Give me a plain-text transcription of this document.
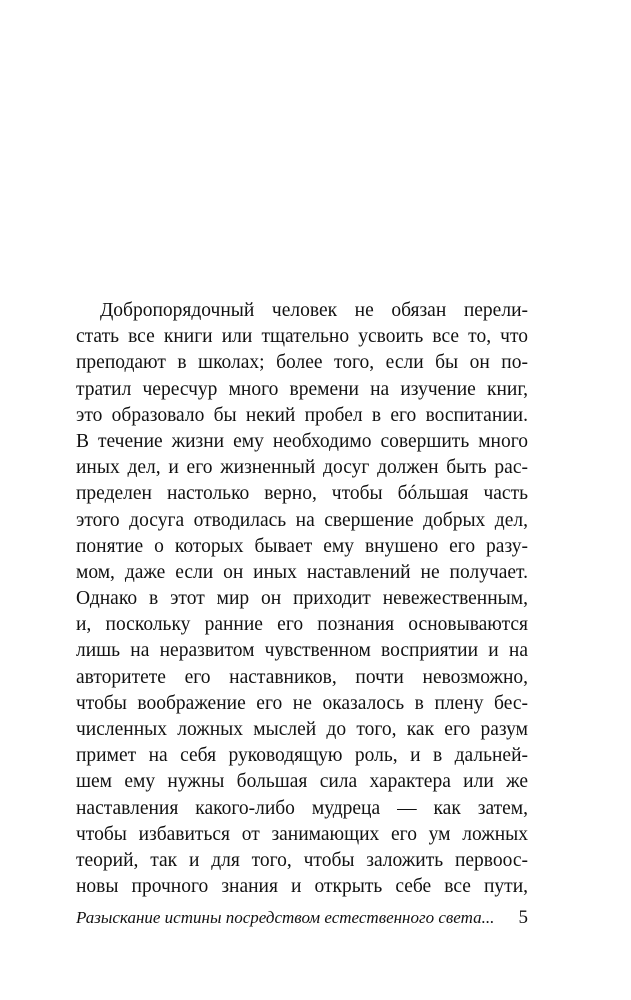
Добропорядочный человек не обязан перели-
стать все книги или тщательно усвоить все то, что
преподают в школах; более того, если бы он по-
тратил чересчур много времени на изучение книг,
это образовало бы некий пробел в его воспитании.
В течение жизни ему необходимо совершить много
иных дел, и его жизненный досуг должен быть рас-
пределен настолько верно, чтобы бóльшая часть
этого досуга отводилась на свершение добрых дел,
понятие о которых бывает ему внушено его разу-
мом, даже если он иных наставлений не получает.
Однако в этот мир он приходит невежественным,
и, поскольку ранние его познания основываются
лишь на неразвитом чувственном восприятии и на
авторитете его наставников, почти невозможно,
чтобы воображение его не оказалось в плену бес-
численных ложных мыслей до того, как его разум
примет на себя руководящую роль, и в дальней-
шем ему нужны большая сила характера или же
наставления какого-либо мудреца — как затем,
чтобы избавиться от занимающих его ум ложных
теорий, так и для того, чтобы заложить первоос-
новы прочного знания и открыть себе все пути,
Разыскание истины посредством естественного света... 5
